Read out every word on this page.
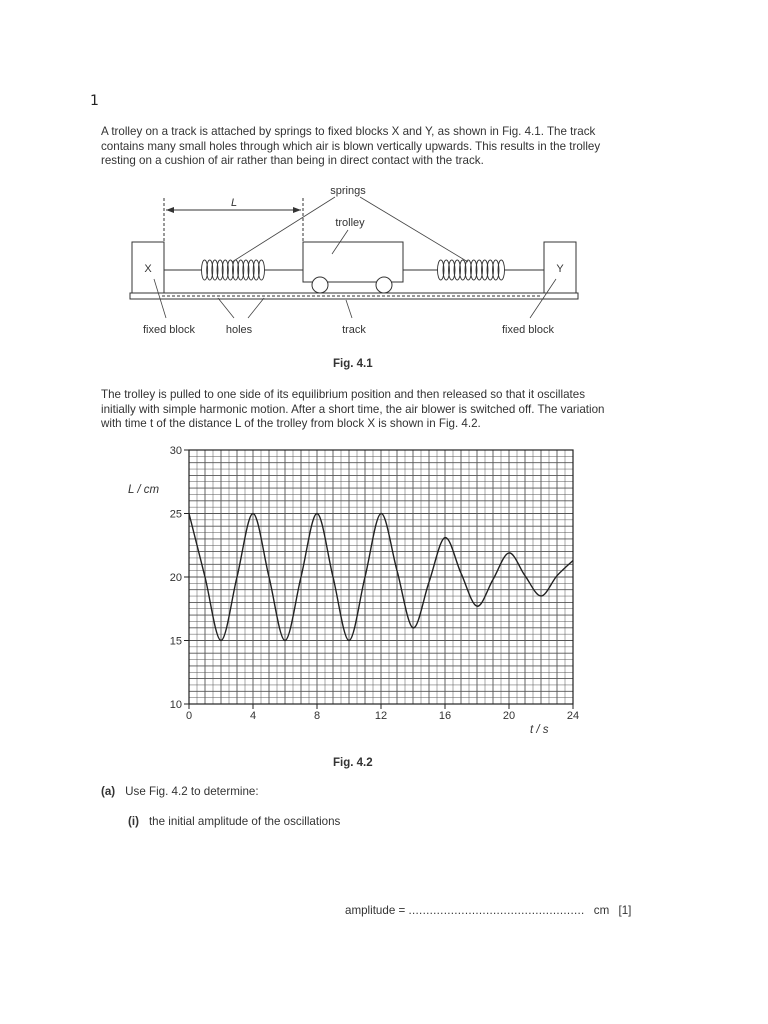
1
A trolley on a track is attached by springs to fixed blocks X and Y, as shown in Fig. 4.1. The track
contains many small holes through which air is blown vertically upwards. This results in the trolley
resting on a cushion of air rather than being in direct contact with the track.
X	Y
L
springs
trolley
fixed block	holes	track	fixed block
Fig. 4.1
The trolley is pulled to one side of its equilibrium position and then released so that it oscillates
initially with simple harmonic motion. After a short time, the air blower is switched off. The variation
with time t of the distance L of the trolley from block X is shown in Fig. 4.2.
0	4	8	12	16	20	24
10
15
20
25
30
L / cm
t / s
Fig. 4.2
(a) Use Fig. 4.2 to determine:
(i) the initial amplitude of the oscillations
amplitude = .................................................. cm [1]
